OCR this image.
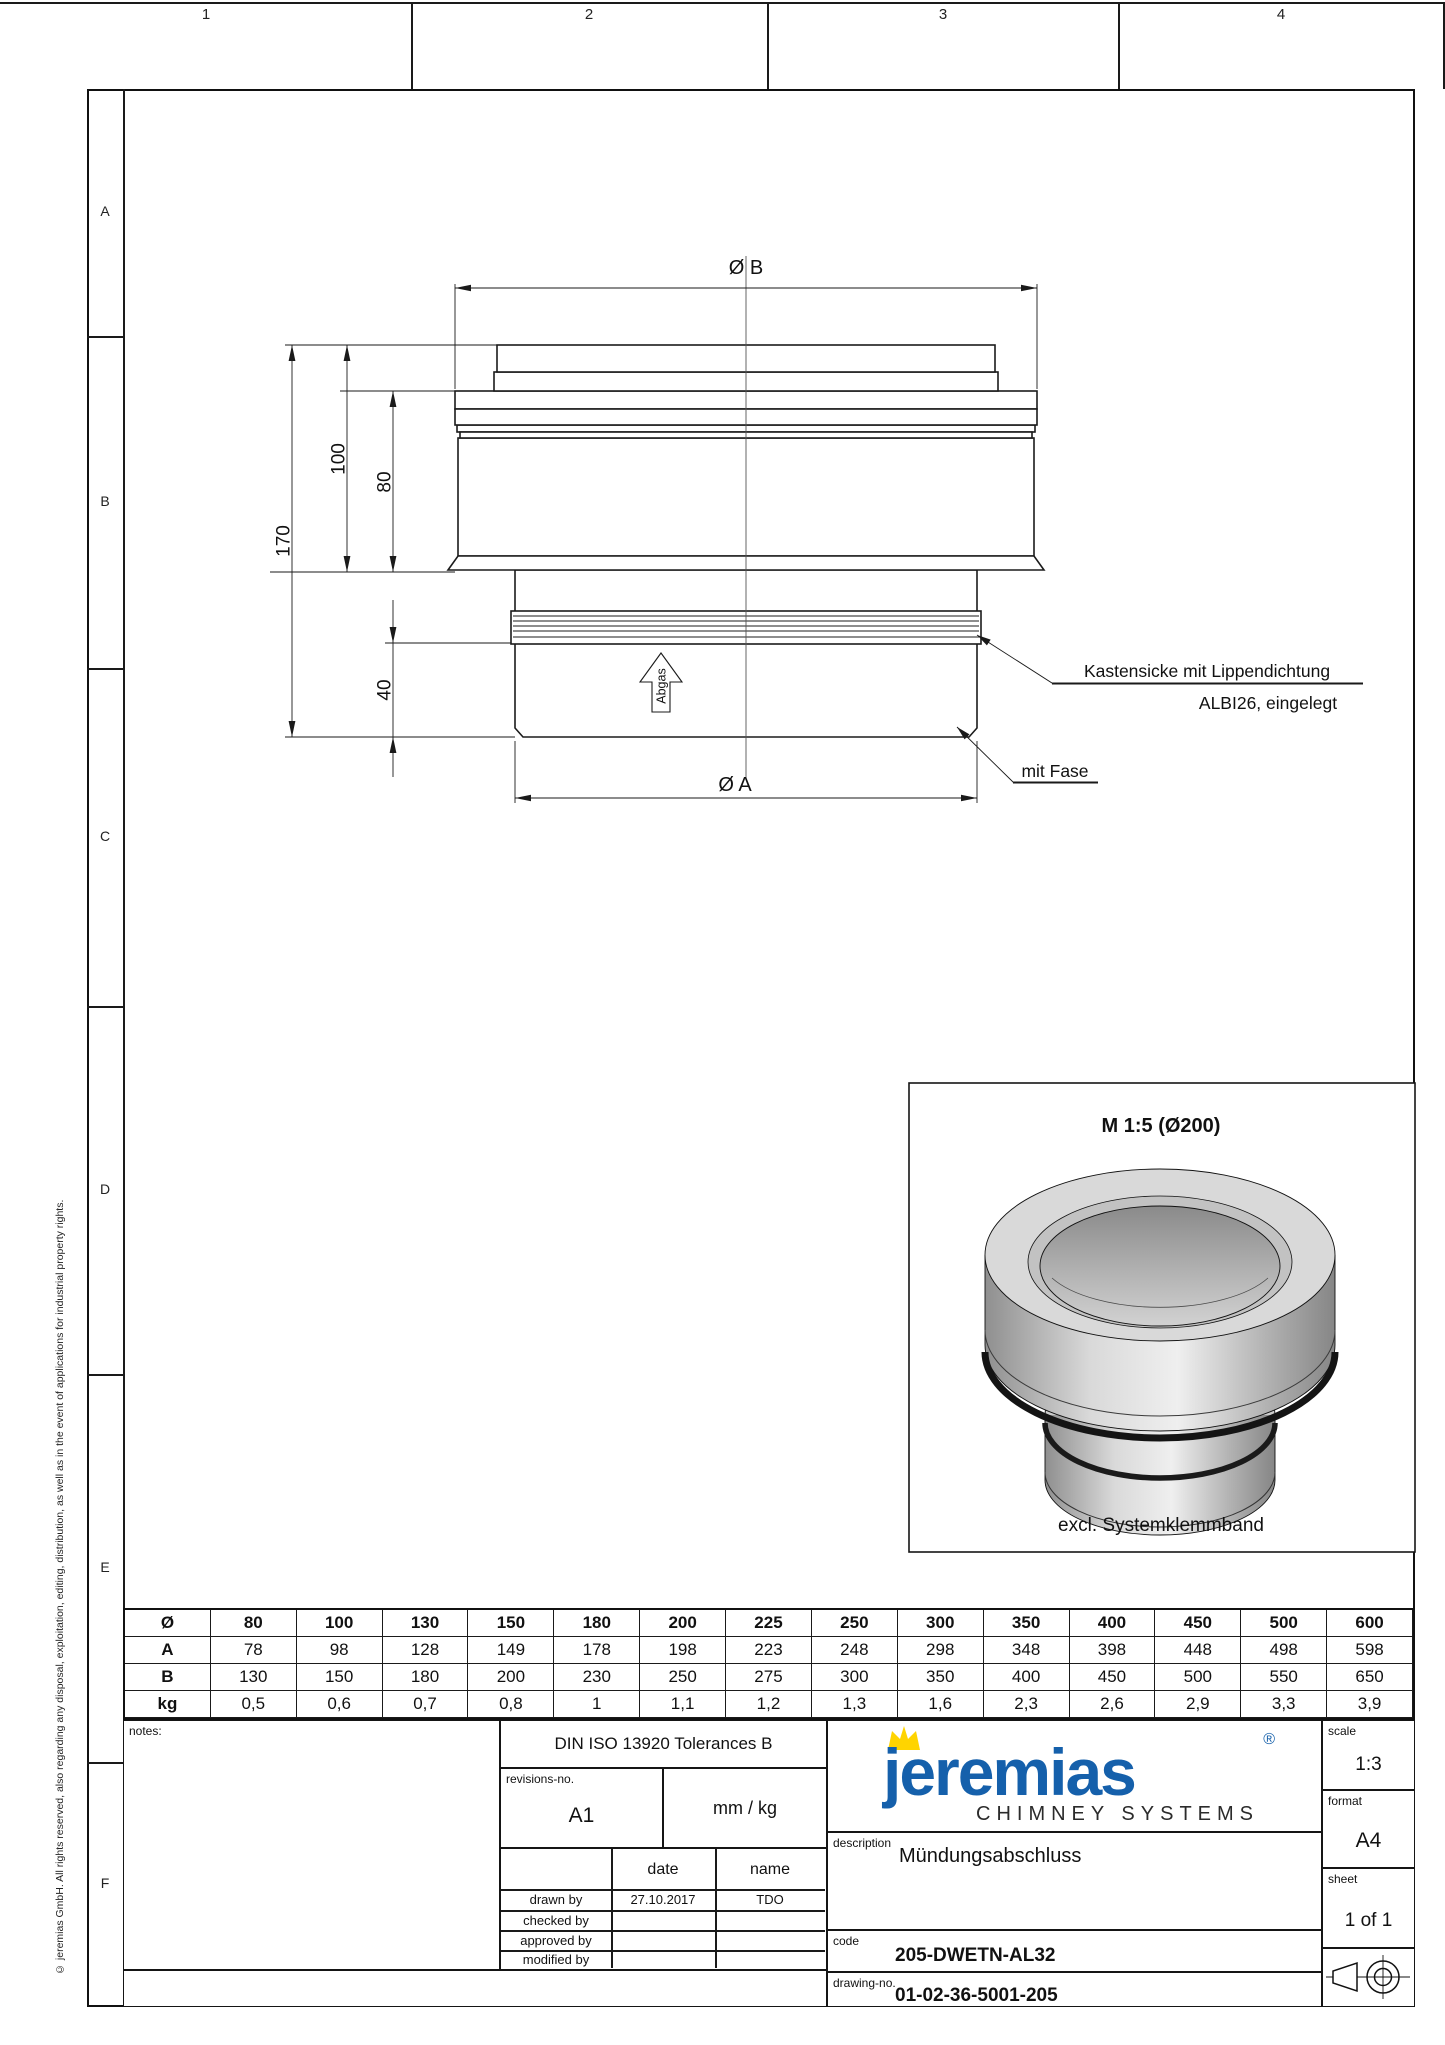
1	2	3	4
A
B
C
D
E
F
© jeremias GmbH. All rights reserved, also regarding any disposal, exploitation, editing, distribution, as well as in the event of applications for industrial property rights.
Ø B
Ø A
170
100
80
40	Abgas	Kastensicke mit Lippendichtung
ALBI26, eingelegt
mit Fase
M 1:5 (Ø200)
excl. Systemklemmband
Ø	80	100	130	150	180	200	225	250	300	350	400	450	500	600
A	78	98	128	149	178	198	223	248	298	348	398	448	498	598
B	130	150	180	200	230	250	275	300	350	400	450	500	550	650
kg	0,5	0,6	0,7	0,8	1	1,1	1,2	1,3	1,6	2,3	2,6	2,9	3,3	3,9
notes:
DIN ISO 13920 Tolerances B
revisions-no.
A1	mm / kg
date	name
drawn by	27.10.2017	TDO
checked by
approved by
modified by
jeremias	®
CHIMNEY SYSTEMS
description
Mündungsabschluss
code
205-DWETN-AL32
drawing-no.
01-02-36-5001-205
scale
1:3
format
A4
sheet
1 of 1
